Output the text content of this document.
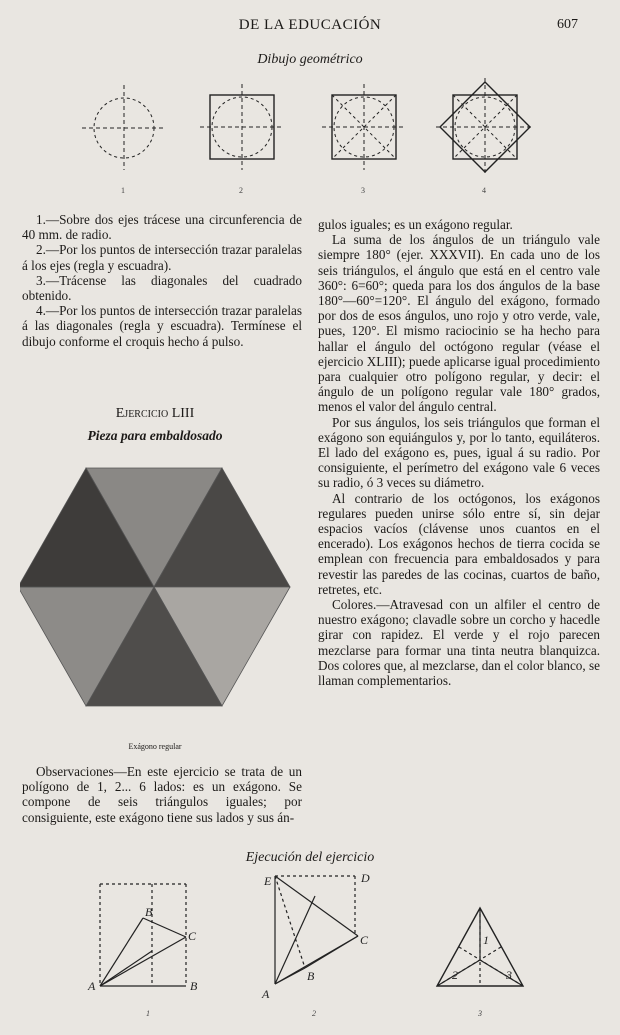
DE LA EDUCACIÓN	607
Dibujo geométrico
1	2	3	4

1.—Sobre dos ejes trácese una circunferencia de 40 mm. de radio.

2.—Por los puntos de intersección trazar paralelas á los ejes (regla y escuadra).

3.—Trácense las diagonales del cuadrado obtenido.

4.—Por los puntos de intersección trazar paralelas á las diagonales (regla y escuadra). Termínese el dibujo conforme el croquis hecho á pulso.

Ejercicio LIII
Pieza para embaldosado
Exágono regular

Observaciones—En este ejercicio se trata de un polígono de 1, 2... 6 lados: es un exágono. Se compone de seis triángulos iguales; por consiguiente, este exágono tiene sus lados y sus án-

gulos iguales; es un exágono regular.

La suma de los ángulos de un triángulo vale siempre 180° (ejer. XXXVII). En cada uno de los seis triángulos, el ángulo que está en el centro vale 360°: 6=60°; queda para los dos ángulos de la base 180°—60°=120°. El ángulo del exágono, formado por dos de esos ángulos, uno rojo y otro verde, vale, pues, 120°. El mismo raciocinio se ha hecho para hallar el ángulo del octógono regular (véase el ejercicio XLIII); puede aplicarse igual procedimiento para cualquier otro polígono regular, y decir: el ángulo de un polígono regular vale 180° grados, menos el valor del ángulo central.

Por sus ángulos, los seis triángulos que forman el exágono son equiángulos y, por lo tanto, equiláteros. El lado del exágono es, pues, igual á su radio. Por consiguiente, el perímetro del exágono vale 6 veces su radio, ó 3 veces su diámetro.

Al contrario de los octógonos, los exágonos regulares pueden unirse sólo entre sí, sin dejar espacios vacíos (clávense unos cuantos en el encerado). Los exágonos hechos de tierra cocida se emplean con frecuencia para embaldosados y para revestir las paredes de las cocinas, cuartos de baño, retretes, etc.

Colores.—Atravesad con un alfiler el centro de nuestro exágono; clavadle sobre un corcho y hacedle girar con rapidez. El verde y el rojo parecen mezclarse para formar una tinta neutra blanquizca. Dos colores que, al mezclarse, dan el color blanco, se llaman complementarios.

Ejecución del ejercicio
A
B
C
B
E	D
C
B
A
1
2	3
1	2	3
